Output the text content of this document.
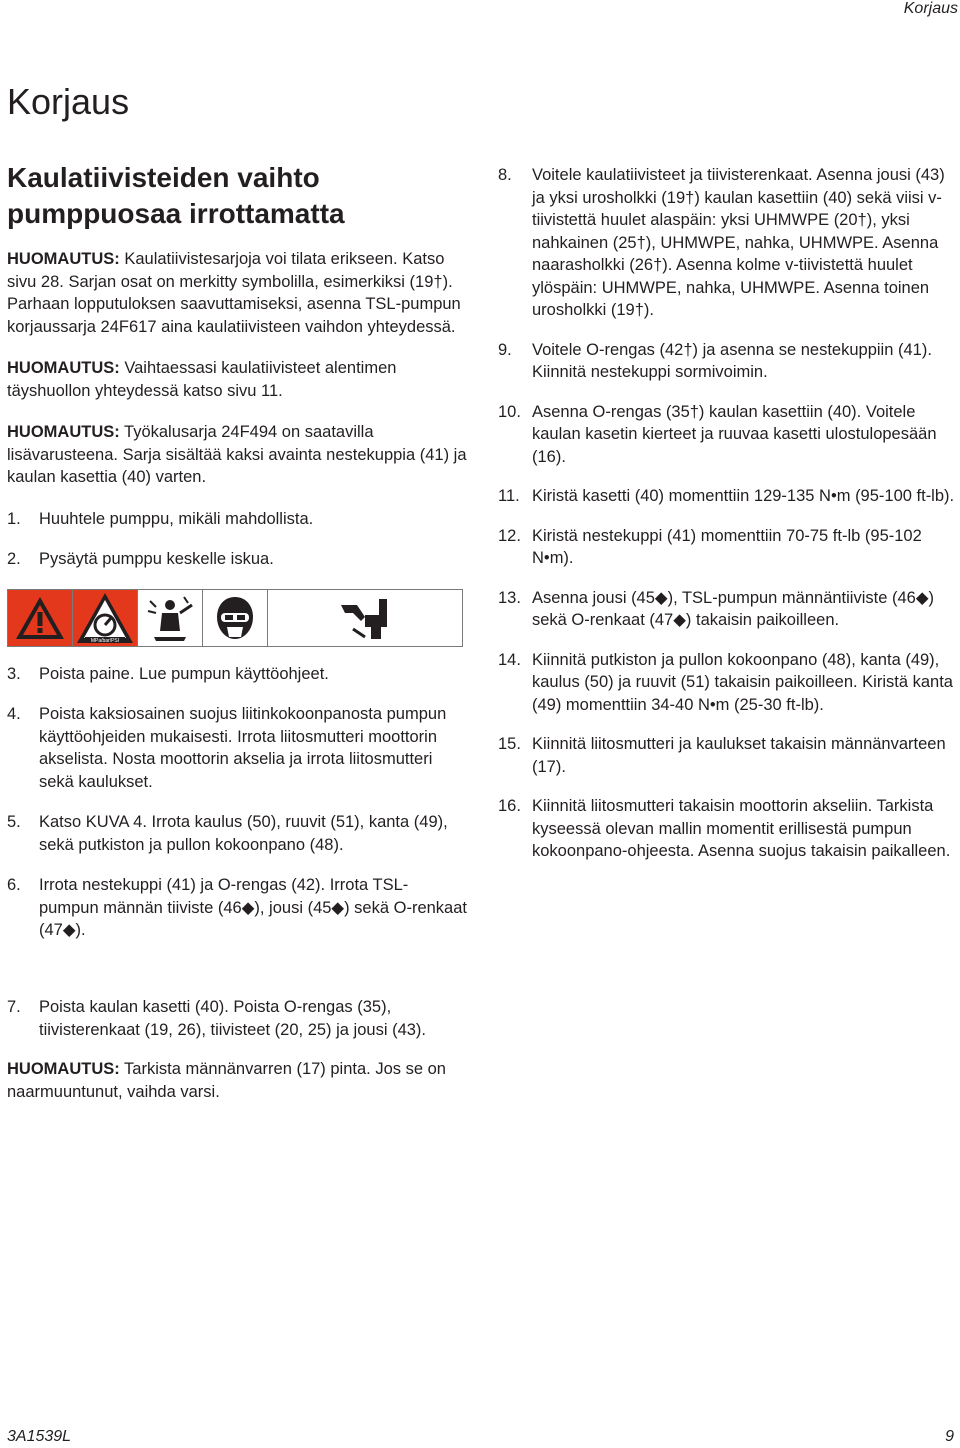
Korjaus
Korjaus
Kaulatiivisteiden vaihto pumppuosaa irrottamatta

HUOMAUTUS: Kaulatiivistesarjoja voi tilata erikseen. Katso sivu 28. Sarjan osat on merkitty symbolilla, esimerkiksi (19†). Parhaan lopputuloksen saavuttamiseksi, asenna TSL-pumpun korjaussarja 24F617 aina kaulatiivisteen vaihdon yhteydessä.

HUOMAUTUS: Vaihtaessasi kaulatiivisteet alentimen täyshuollon yhteydessä katso sivu 11.

HUOMAUTUS: Työkalusarja 24F494 on saatavilla lisävarusteena. Sarja sisältää kaksi avainta nestekuppia (41) ja kaulan kasettia (40) varten.

1.	Huuhtele pumppu, mikäli mahdollista.
2.	Pysäytä pumppu keskelle iskua.
MPa/bar/PSI
3.	Poista paine. Lue pumpun käyttöohjeet.
4.	Poista kaksiosainen suojus liitinkokoonpanosta pumpun käyttöohjeiden mukaisesti. Irrota liitosmutteri moottorin akselista. Nosta moottorin akselia ja irrota liitosmutteri sekä kaulukset.
5.	Katso KUVA 4. Irrota kaulus (50), ruuvit (51), kanta (49), sekä putkiston ja pullon kokoonpano (48).
6.	Irrota nestekuppi (41) ja O-rengas (42). Irrota TSL-pumpun männän tiiviste (46◆), jousi (45◆) sekä O-renkaat (47◆).
7.	Poista kaulan kasetti (40). Poista O-rengas (35), tiivisterenkaat (19, 26), tiivisteet (20, 25) ja jousi (43).

HUOMAUTUS: Tarkista männänvarren (17) pinta. Jos se on naarmuuntunut, vaihda varsi.

8.	Voitele kaulatiivisteet ja tiivisterenkaat. Asenna jousi (43) ja yksi urosholkki (19†) kaulan kasettiin (40) sekä viisi v-tiivistettä huulet alaspäin: yksi UHMWPE (20†), yksi nahkainen (25†), UHMWPE, nahka, UHMWPE. Asenna naarasholkki (26†). Asenna kolme v-tiivistettä huulet ylöspäin: UHMWPE, nahka, UHMWPE. Asenna toinen urosholkki (19†).
9.	Voitele O-rengas (42†) ja asenna se nestekuppiin (41). Kiinnitä nestekuppi sormivoimin.
10. Asenna O-rengas (35†) kaulan kasettiin (40). Voitele kaulan kasetin kierteet ja ruuvaa kasetti ulostulopesään (16).
11. Kiristä kasetti (40) momenttiin 129-135 N•m (95-100 ft-lb).
12. Kiristä nestekuppi (41) momenttiin 70-75 ft-lb (95-102 N•m).
13. Asenna jousi (45◆), TSL-pumpun männäntiiviste (46◆) sekä O-renkaat (47◆) takaisin paikoilleen.
14. Kiinnitä putkiston ja pullon kokoonpano (48), kanta (49), kaulus (50) ja ruuvit (51) takaisin paikoilleen. Kiristä kanta (49) momenttiin 34-40 N•m (25-30 ft-lb).
15. Kiinnitä liitosmutteri ja kaulukset takaisin männänvarteen (17).
16. Kiinnitä liitosmutteri takaisin moottorin akseliin. Tarkista kyseessä olevan mallin momentit erillisestä pumpun kokoonpano-ohjeesta. Asenna suojus takaisin paikalleen.
3A1539L	9
